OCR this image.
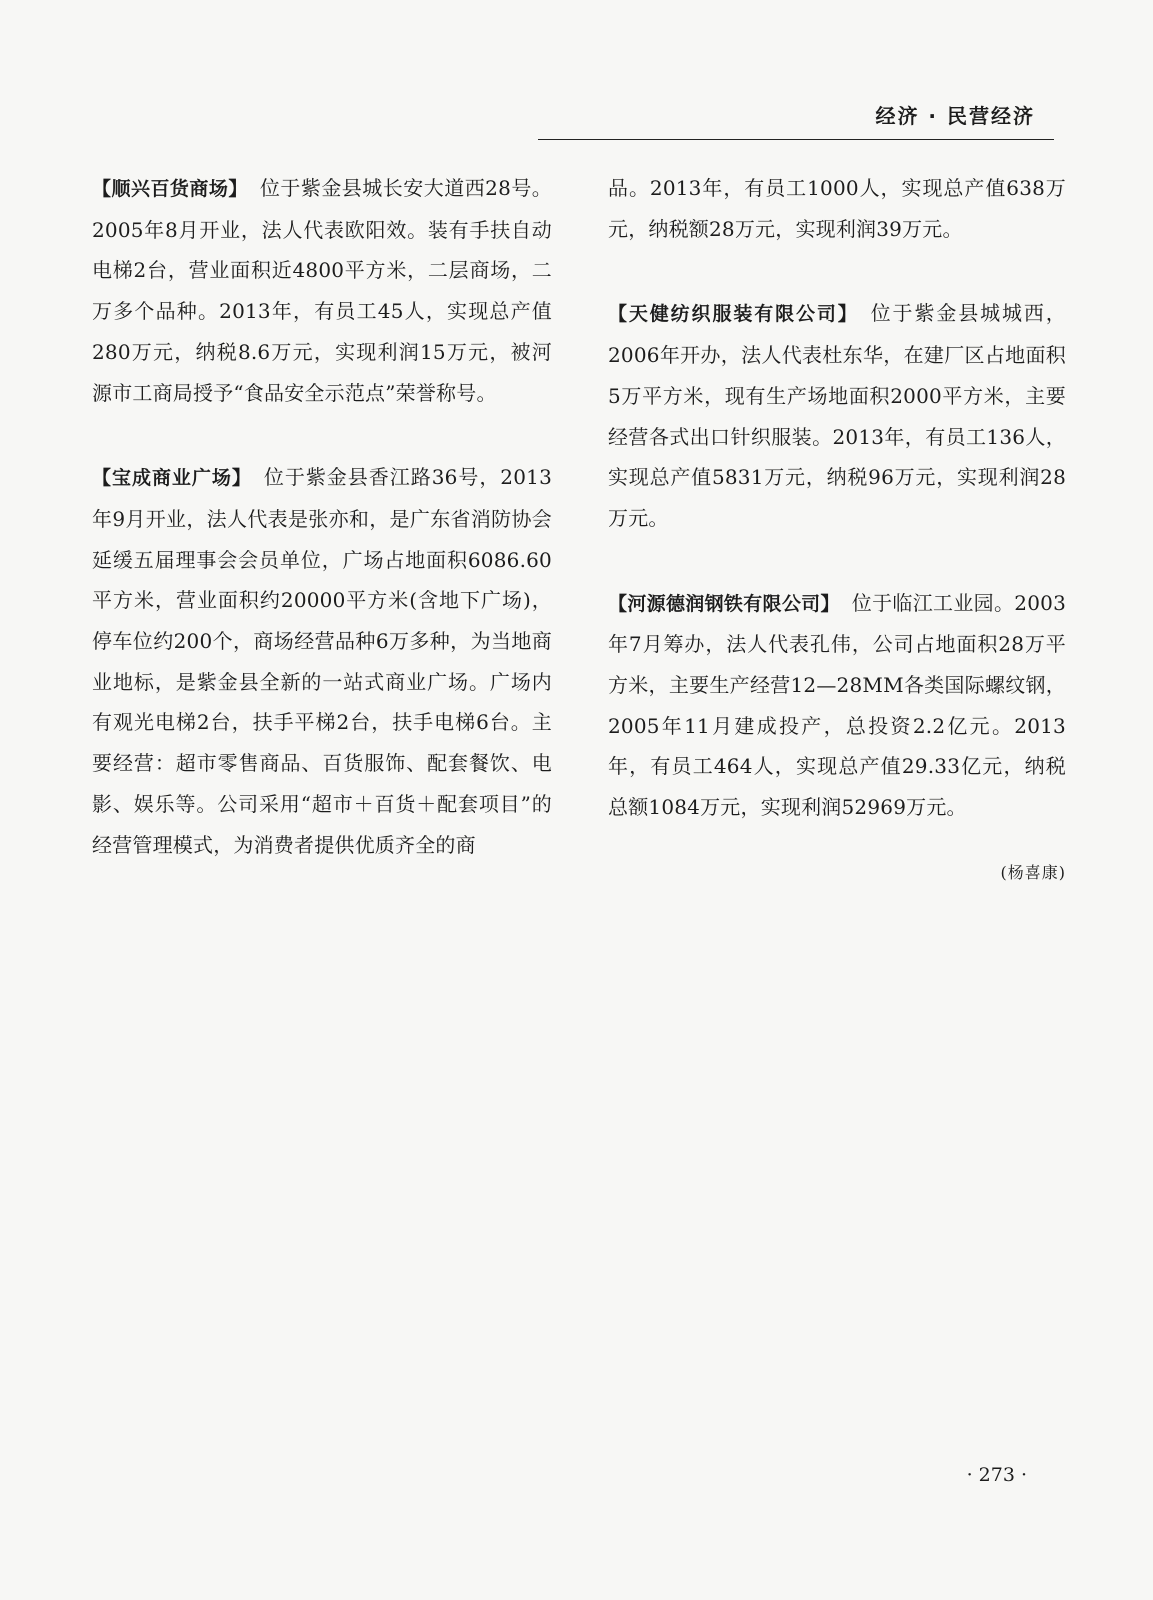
经济 · 民营经济

【顺兴百货商场】 位于紫金县城长安大道西28号。2005年8月开业，法人代表欧阳效。装有手扶自动电梯2台，营业面积近4800平方米，二层商场，二万多个品种。2013年，有员工45人，实现总产值280万元，纳税8.6万元，实现利润15万元，被河源市工商局授予“食品安全示范点”荣誉称号。

【宝成商业广场】 位于紫金县香江路36号，2013年9月开业，法人代表是张亦和，是广东省消防协会延缓五届理事会会员单位，广场占地面积6086.60平方米，营业面积约20000平方米(含地下广场)，停车位约200个，商场经营品种6万多种，为当地商业地标，是紫金县全新的一站式商业广场。广场内有观光电梯2台，扶手平梯2台，扶手电梯6台。主要经营：超市零售商品、百货服饰、配套餐饮、电影、娱乐等。公司采用“超市＋百货＋配套项目”的经营管理模式，为消费者提供优质齐全的商

品。2013年，有员工1000人，实现总产值638万元，纳税额28万元，实现利润39万元。

【天健纺织服装有限公司】 位于紫金县城城西，2006年开办，法人代表杜东华，在建厂区占地面积5万平方米，现有生产场地面积2000平方米，主要经营各式出口针织服装。2013年，有员工136人，实现总产值5831万元，纳税96万元，实现利润28万元。

【河源德润钢铁有限公司】 位于临江工业园。2003年7月筹办，法人代表孔伟，公司占地面积28万平方米，主要生产经营12—28MM各类国际螺纹钢，2005年11月建成投产，总投资2.2亿元。2013年，有员工464人，实现总产值29.33亿元，纳税总额1084万元，实现利润52969万元。

(杨喜康)
· 273 ·
